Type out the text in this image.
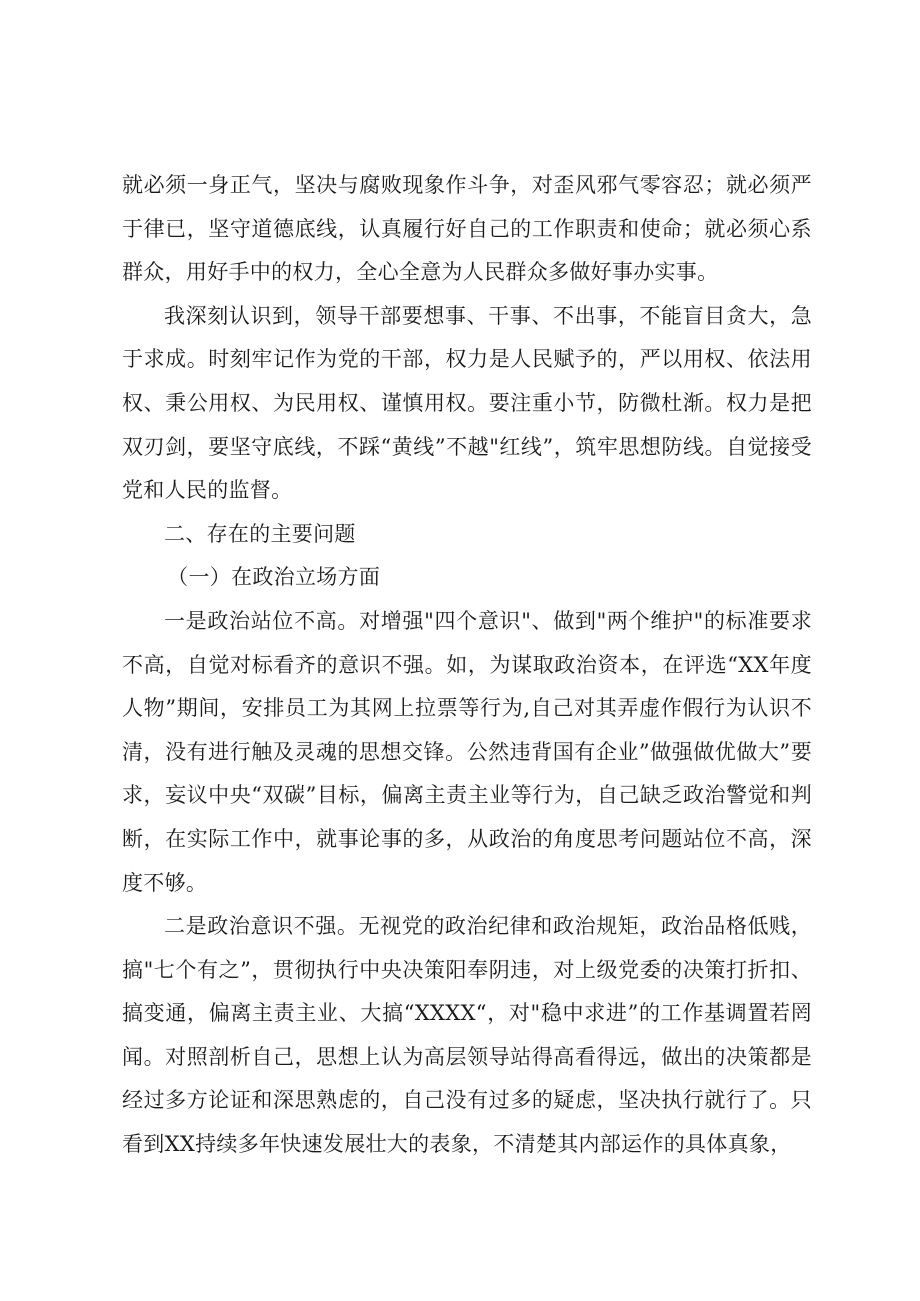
就必须一身正气，坚决与腐败现象作斗争，对歪风邪气零容忍；就必须严于律已，坚守道德底线，认真履行好自己的工作职责和使命；就必须心系群众，用好手中的权力，全心全意为人民群众多做好事办实事。

我深刻认识到，领导干部要想事、干事、不出事，不能盲目贪大，急于求成。时刻牢记作为党的干部，权力是人民赋予的，严以用权、依法用权、秉公用权、为民用权、谨慎用权。要注重小节，防微杜渐。权力是把双刃剑，要坚守底线，不踩“黄线”不越"红线”，筑牢思想防线。自觉接受党和人民的监督。

二、存在的主要问题

（一）在政治立场方面

一是政治站位不高。对增强"四个意识"、做到"两个维护"的标准要求不高，自觉对标看齐的意识不强。如，为谋取政治资本，在评选“XX年度人物”期间，安排员工为其网上拉票等行为,自己对其弄虚作假行为认识不清，没有进行触及灵魂的思想交锋。公然违背国有企业”做强做优做大”要求，妄议中央“双碳”目标，偏离主责主业等行为，自己缺乏政治警觉和判断，在实际工作中，就事论事的多，从政治的角度思考问题站位不高，深度不够。

二是政治意识不强。无视党的政治纪律和政治规矩，政治品格低贱，搞"七个有之”，贯彻执行中央决策阳奉阴违，对上级党委的决策打折扣、搞变通，偏离主责主业、大搞“XXXX“，对"稳中求进”的工作基调置若罔闻。对照剖析自己，思想上认为高层领导站得高看得远，做出的决策都是经过多方论证和深思熟虑的，自己没有过多的疑虑，坚决执行就行了。只看到XX持续多年快速发展壮大的表象，不清楚其内部运作的具体真象，
